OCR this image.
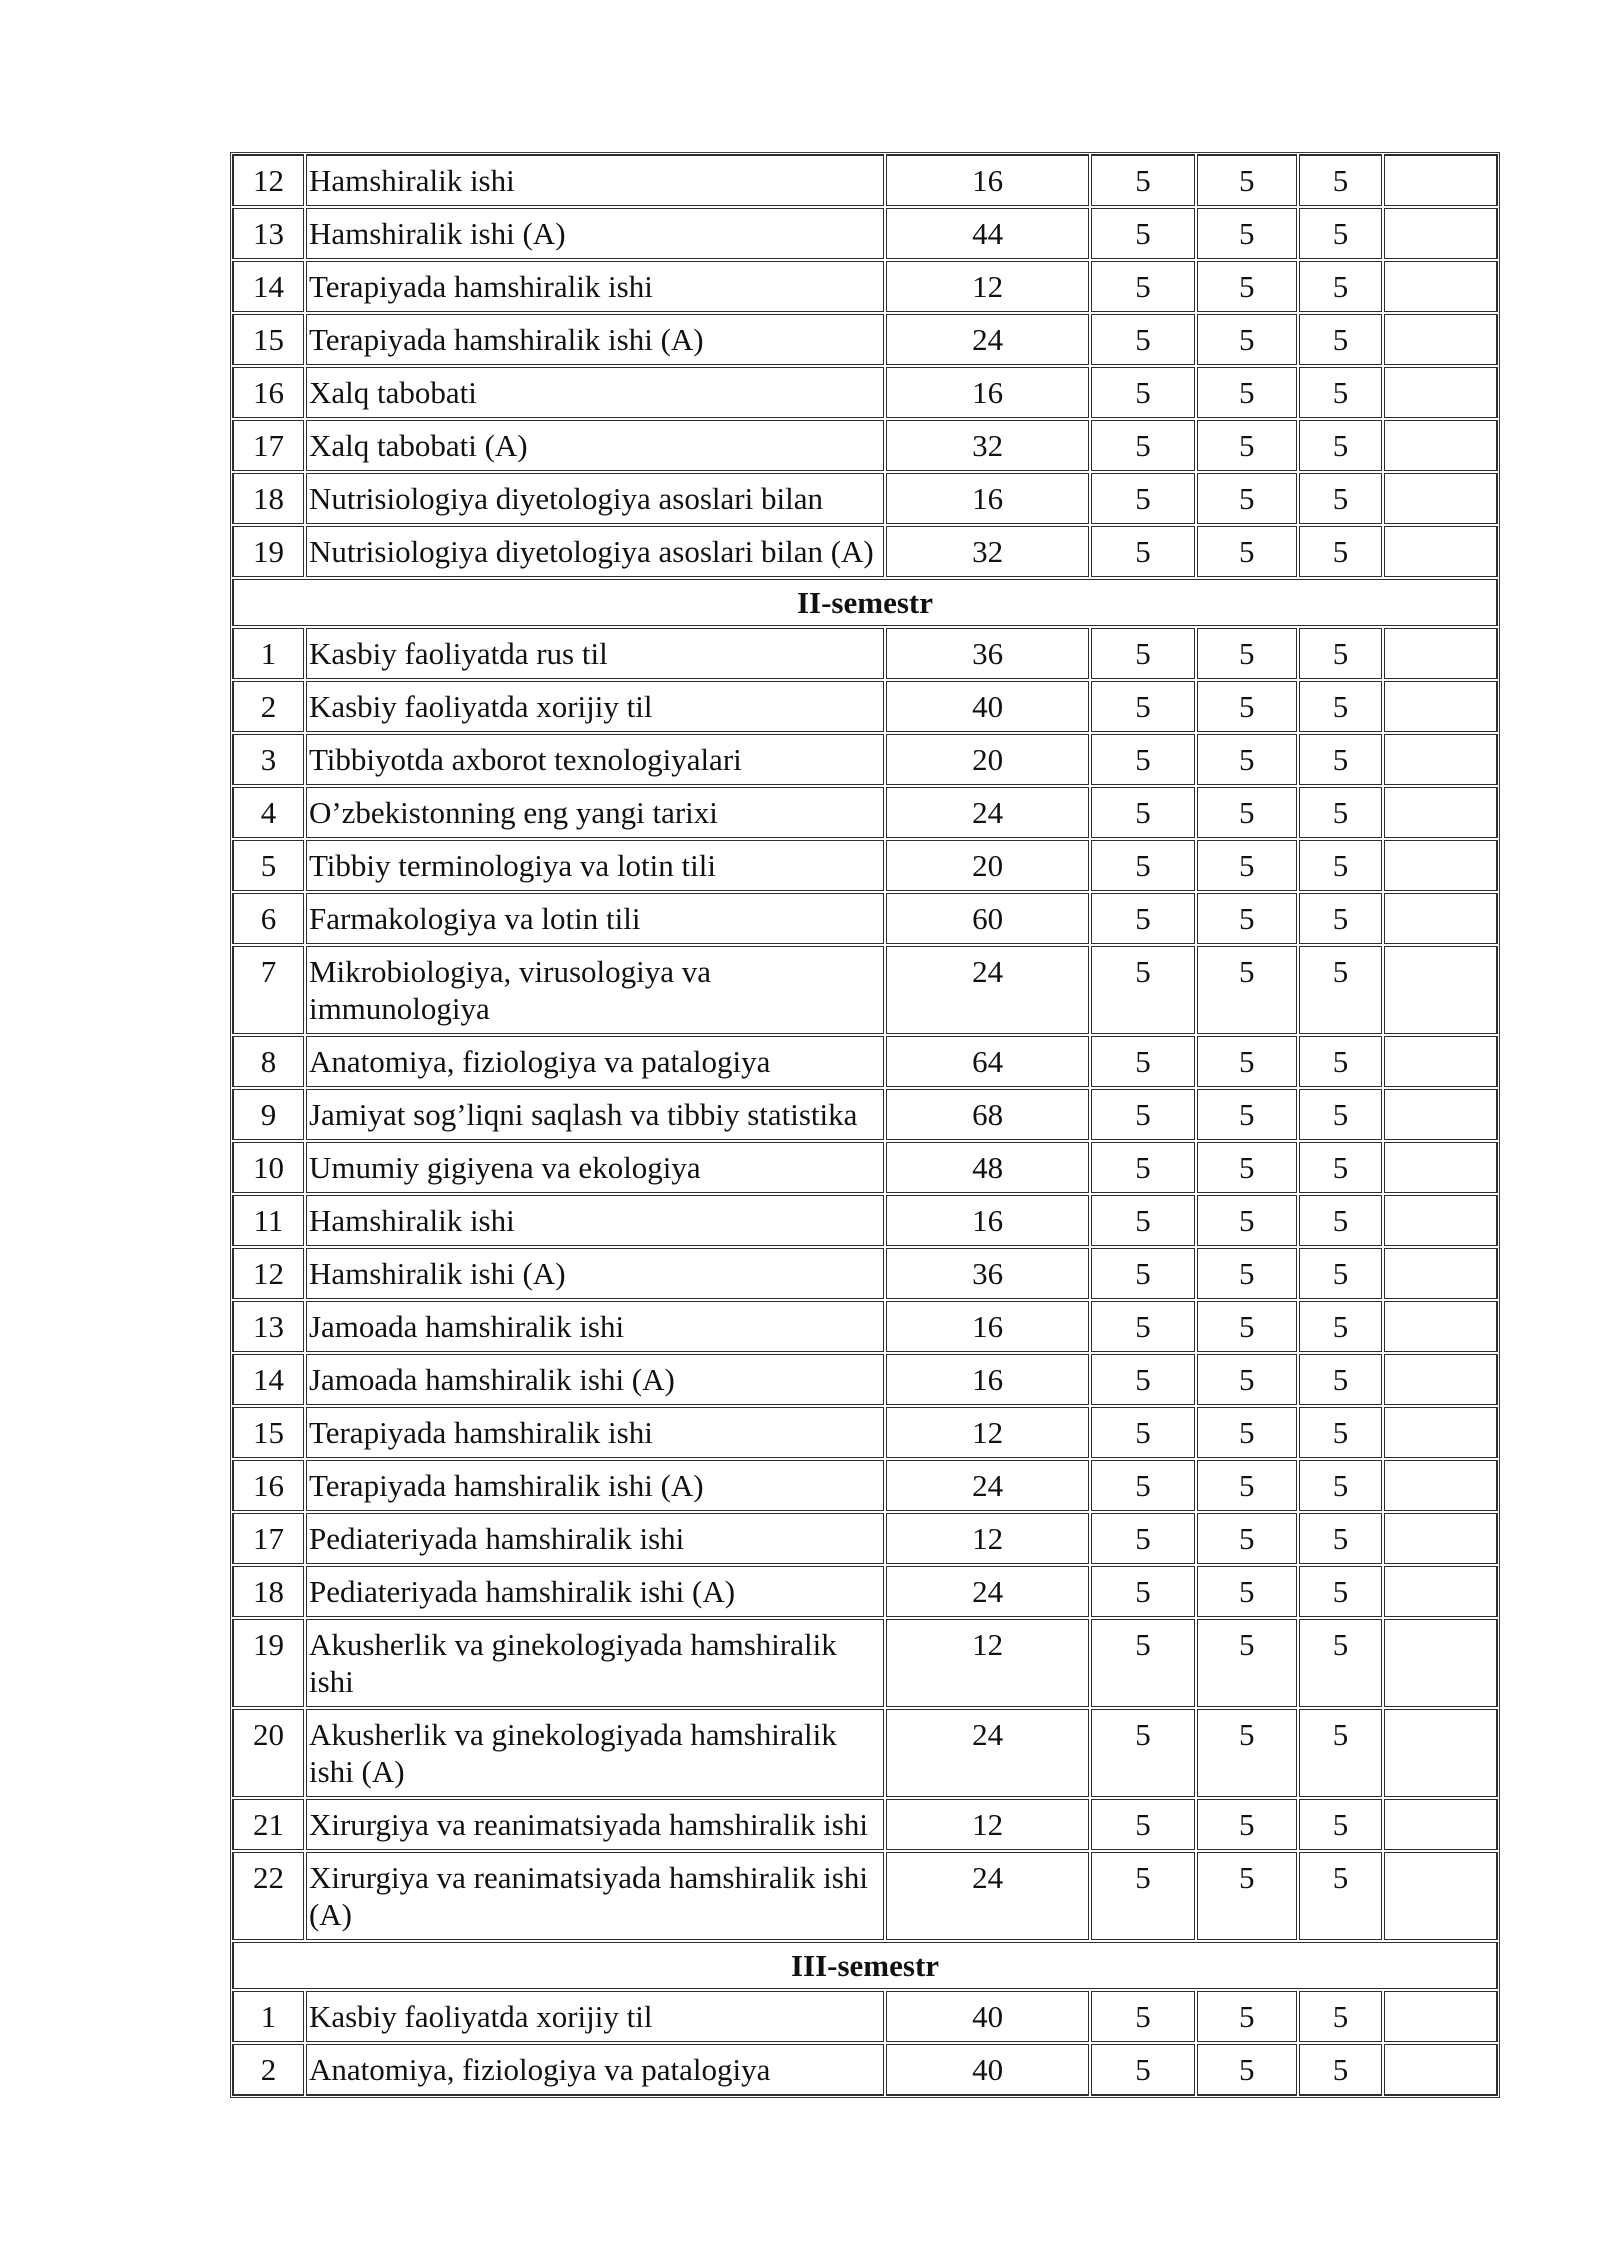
12	Hamshiralik ishi	16	5	5	5	
13	Hamshiralik ishi (A)	44	5	5	5	
14	Terapiyada hamshiralik ishi	12	5	5	5	
15	Terapiyada hamshiralik ishi (A)	24	5	5	5	
16	Xalq tabobati	16	5	5	5	
17	Xalq tabobati (A)	32	5	5	5	
18	Nutrisiologiya diyetologiya asoslari bilan	16	5	5	5	
19	Nutrisiologiya diyetologiya asoslari bilan (A)	32	5	5	5	
II-semestr						
1	Kasbiy faoliyatda rus til	36	5	5	5	
2	Kasbiy faoliyatda xorijiy til	40	5	5	5	
3	Tibbiyotda axborot texnologiyalari	20	5	5	5	
4	O’zbekistonning eng yangi tarixi	24	5	5	5	
5	Tibbiy terminologiya va lotin tili	20	5	5	5	
6	Farmakologiya va lotin tili	60	5	5	5	
7	Mikrobiologiya, virusologiya va immunologiya	24	5	5	5	
8	Anatomiya, fiziologiya va patalogiya	64	5	5	5	
9	Jamiyat sog’liqni saqlash va tibbiy statistika	68	5	5	5	
10	Umumiy gigiyena va ekologiya	48	5	5	5	
11	Hamshiralik ishi	16	5	5	5	
12	Hamshiralik ishi (A)	36	5	5	5	
13	Jamoada hamshiralik ishi	16	5	5	5	
14	Jamoada hamshiralik ishi (A)	16	5	5	5	
15	Terapiyada hamshiralik ishi	12	5	5	5	
16	Terapiyada hamshiralik ishi (A)	24	5	5	5	
17	Pediateriyada hamshiralik ishi	12	5	5	5	
18	Pediateriyada hamshiralik ishi (A)	24	5	5	5	
19	Akusherlik va ginekologiyada hamshiralik ishi	12	5	5	5	
20	Akusherlik va ginekologiyada hamshiralik ishi (A)	24	5	5	5	
21	Xirurgiya va reanimatsiyada hamshiralik ishi	12	5	5	5	
22	Xirurgiya va reanimatsiyada hamshiralik ishi (A)	24	5	5	5	
III-semestr						
1	Kasbiy faoliyatda xorijiy til	40	5	5	5	
2	Anatomiya, fiziologiya va patalogiya	40	5	5	5	
